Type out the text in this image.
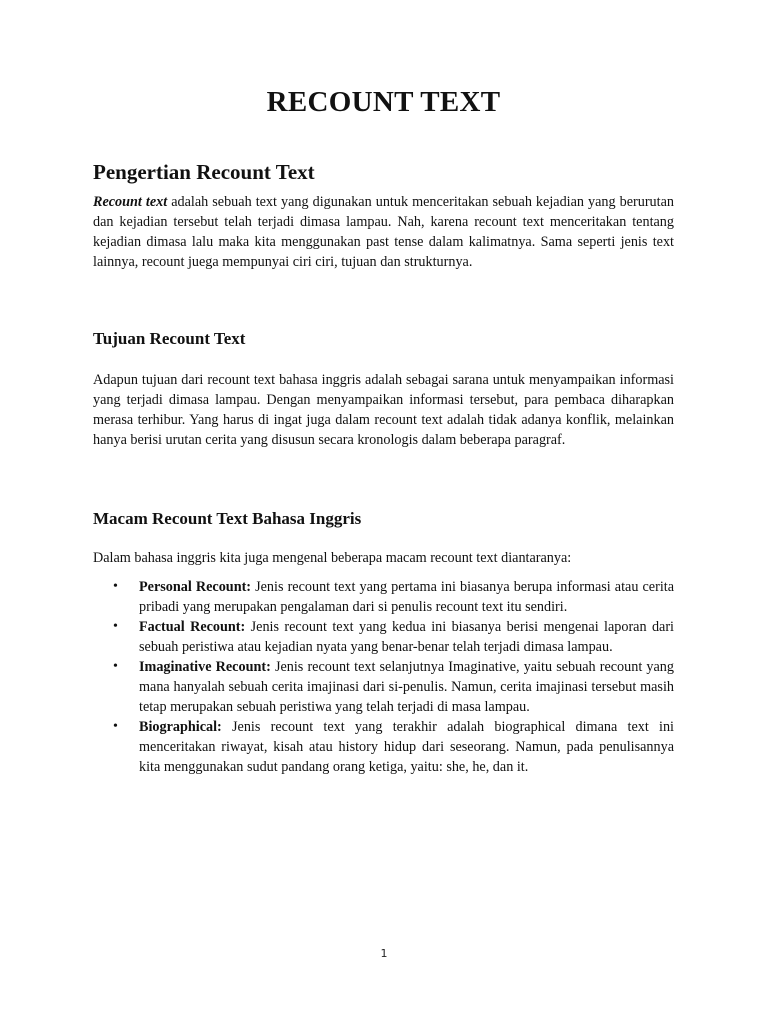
RECOUNT TEXT
Pengertian Recount Text

Recount text adalah sebuah text yang digunakan untuk menceritakan sebuah kejadian yang berurutan dan kejadian tersebut telah terjadi dimasa lampau. Nah, karena recount text menceritakan tentang kejadian dimasa lalu maka kita menggunakan past tense dalam kalimatnya. Sama seperti jenis text lainnya, recount juega mempunyai ciri ciri, tujuan dan strukturnya.

Tujuan Recount Text

Adapun tujuan dari recount text bahasa inggris adalah sebagai sarana untuk menyampaikan informasi yang terjadi dimasa lampau. Dengan menyampaikan informasi tersebut, para pembaca diharapkan merasa terhibur. Yang harus di ingat juga dalam recount text adalah tidak adanya konflik, melainkan hanya berisi urutan cerita yang disusun secara kronologis dalam beberapa paragraf.

Macam Recount Text Bahasa Inggris

Dalam bahasa inggris kita juga mengenal beberapa macam recount text diantaranya:

• Personal Recount: Jenis recount text yang pertama ini biasanya berupa informasi atau cerita pribadi yang merupakan pengalaman dari si penulis recount text itu sendiri.
• Factual Recount: Jenis recount text yang kedua ini biasanya berisi mengenai laporan dari sebuah peristiwa atau kejadian nyata yang benar-benar telah terjadi dimasa lampau.
• Imaginative Recount: Jenis recount text selanjutnya Imaginative, yaitu sebuah recount yang mana hanyalah sebuah cerita imajinasi dari si-penulis. Namun, cerita imajinasi tersebut masih tetap merupakan sebuah peristiwa yang telah terjadi di masa lampau.
• Biographical: Jenis recount text yang terakhir adalah biographical dimana text ini menceritakan riwayat, kisah atau history hidup dari seseorang. Namun, pada penulisannya kita menggunakan sudut pandang orang ketiga, yaitu: she, he, dan it.
1
